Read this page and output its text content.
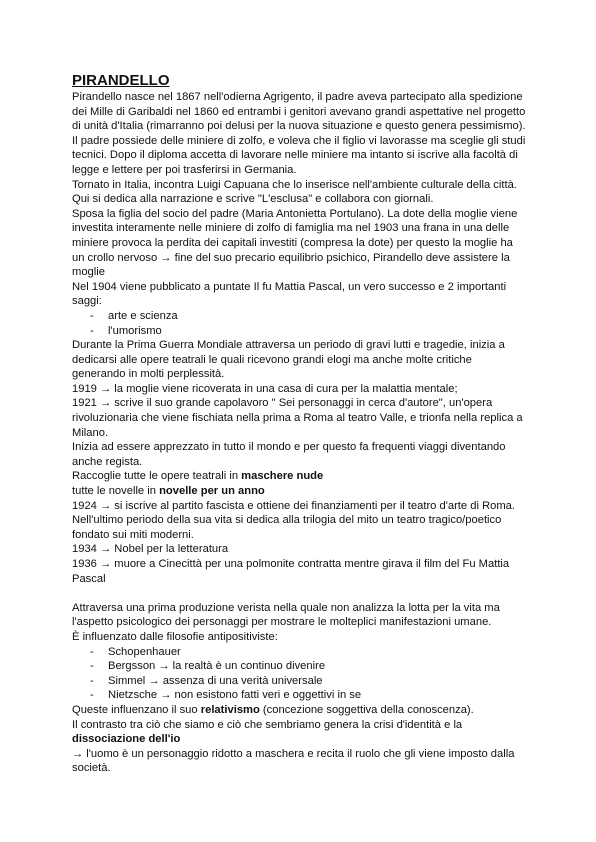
PIRANDELLO

Pirandello nasce nel 1867 nell'odierna Agrigento, il padre aveva partecipato alla spedizione dei Mille di Garibaldi nel 1860 ed entrambi i genitori avevano grandi aspettative nel progetto di unità d'Italia (rimarranno poi delusi per la nuova situazione e questo genera pessimismo).

Il padre possiede delle miniere di zolfo, e voleva che il figlio vi lavorasse ma sceglie gli studi tecnici. Dopo il diploma accetta di lavorare nelle miniere ma intanto si iscrive alla facoltà di legge e lettere per poi trasferirsi in Germania.

Tornato in Italia, incontra Luigi Capuana che lo inserisce nell'ambiente culturale della città.

Qui si dedica alla narrazione e scrive "L'esclusa" e collabora con giornali.

Sposa la figlia del socio del padre (Maria Antonietta Portulano). La dote della moglie viene investita interamente nelle miniere di zolfo di famiglia ma nel 1903 una frana in una delle miniere provoca la perdita dei capitali investiti (compresa la dote) per questo la moglie ha un crollo nervoso → fine del suo precario equilibrio psichico, Pirandello deve assistere la moglie

Nel 1904 viene pubblicato a puntate Il fu Mattia Pascal, un vero successo e 2 importanti saggi:

- arte e scienza
- l'umorismo

Durante la Prima Guerra Mondiale attraversa un periodo di gravi lutti e tragedie, inizia a dedicarsi alle opere teatrali le quali ricevono grandi elogi ma anche molte critiche generando in molti perplessità.

1919 → la moglie viene ricoverata in una casa di cura per la malattia mentale;

1921 → scrive il suo grande capolavoro " Sei personaggi in cerca d'autore", un'opera rivoluzionaria che viene fischiata nella prima a Roma al teatro Valle, e trionfa nella replica a Milano.

Inizia ad essere apprezzato in tutto il mondo e per questo fa frequenti viaggi diventando anche regista.

Raccoglie tutte le opere teatrali in maschere nude

tutte le novelle in novelle per un anno

1924 → si iscrive al partito fascista e ottiene dei finanziamenti per il teatro d'arte di Roma.

Nell'ultimo periodo della sua vita si dedica alla trilogia del mito un teatro tragico/poetico fondato sui miti moderni.

1934 → Nobel per la letteratura

1936 → muore a Cinecittà per una polmonite contratta mentre girava il film del Fu Mattia Pascal

Attraversa una prima produzione verista nella quale non analizza la lotta per la vita ma l'aspetto psicologico dei personaggi per mostrare le molteplici manifestazioni umane.

È influenzato dalle filosofie antipositiviste:

- Schopenhauer
- Bergsson → la realtà è un continuo divenire
- Simmel → assenza di una verità universale
- Nietzsche → non esistono fatti veri e oggettivi in se

Queste influenzano il suo relativismo (concezione soggettiva della conoscenza).

Il contrasto tra ciò che siamo e ciò che sembriamo genera la crisi d'identità e la

dissociazione dell'io

→ l'uomo è un personaggio ridotto a maschera e recita il ruolo che gli viene imposto dalla società.
